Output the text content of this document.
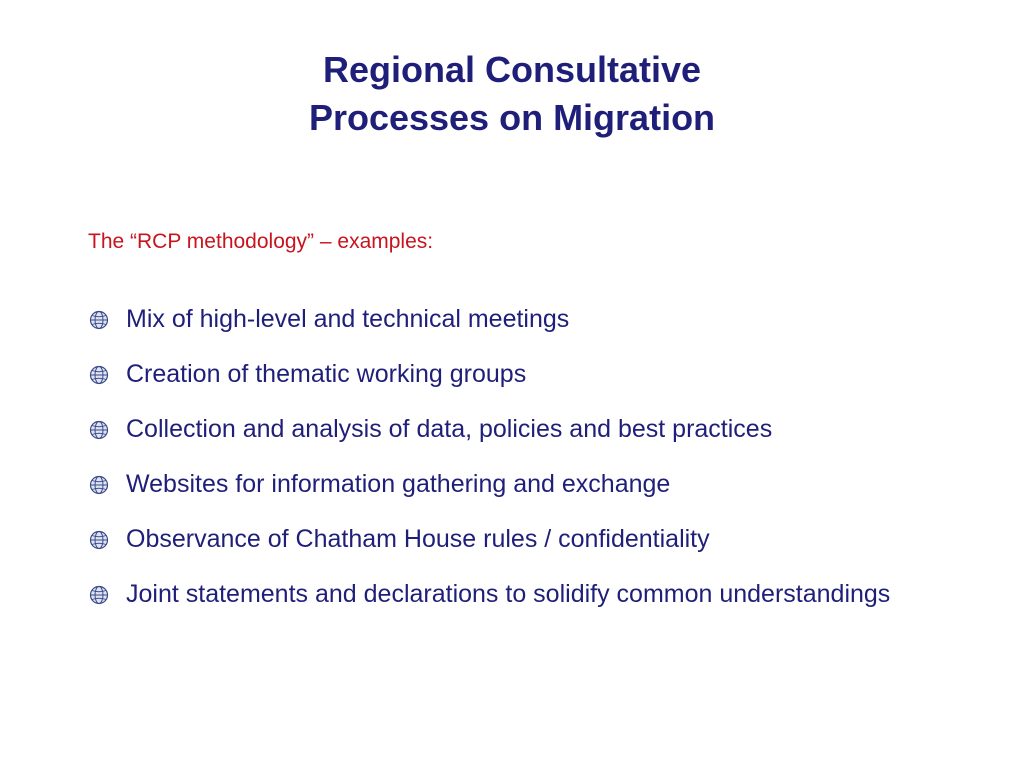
Regional Consultative
Processes on Migration

The “RCP methodology” – examples:

Mix of high-level and technical meetings
Creation of thematic working groups
Collection and analysis of data, policies and best practices
Websites for information gathering and exchange
Observance of Chatham House rules / confidentiality
Joint statements and declarations to solidify common understandings
